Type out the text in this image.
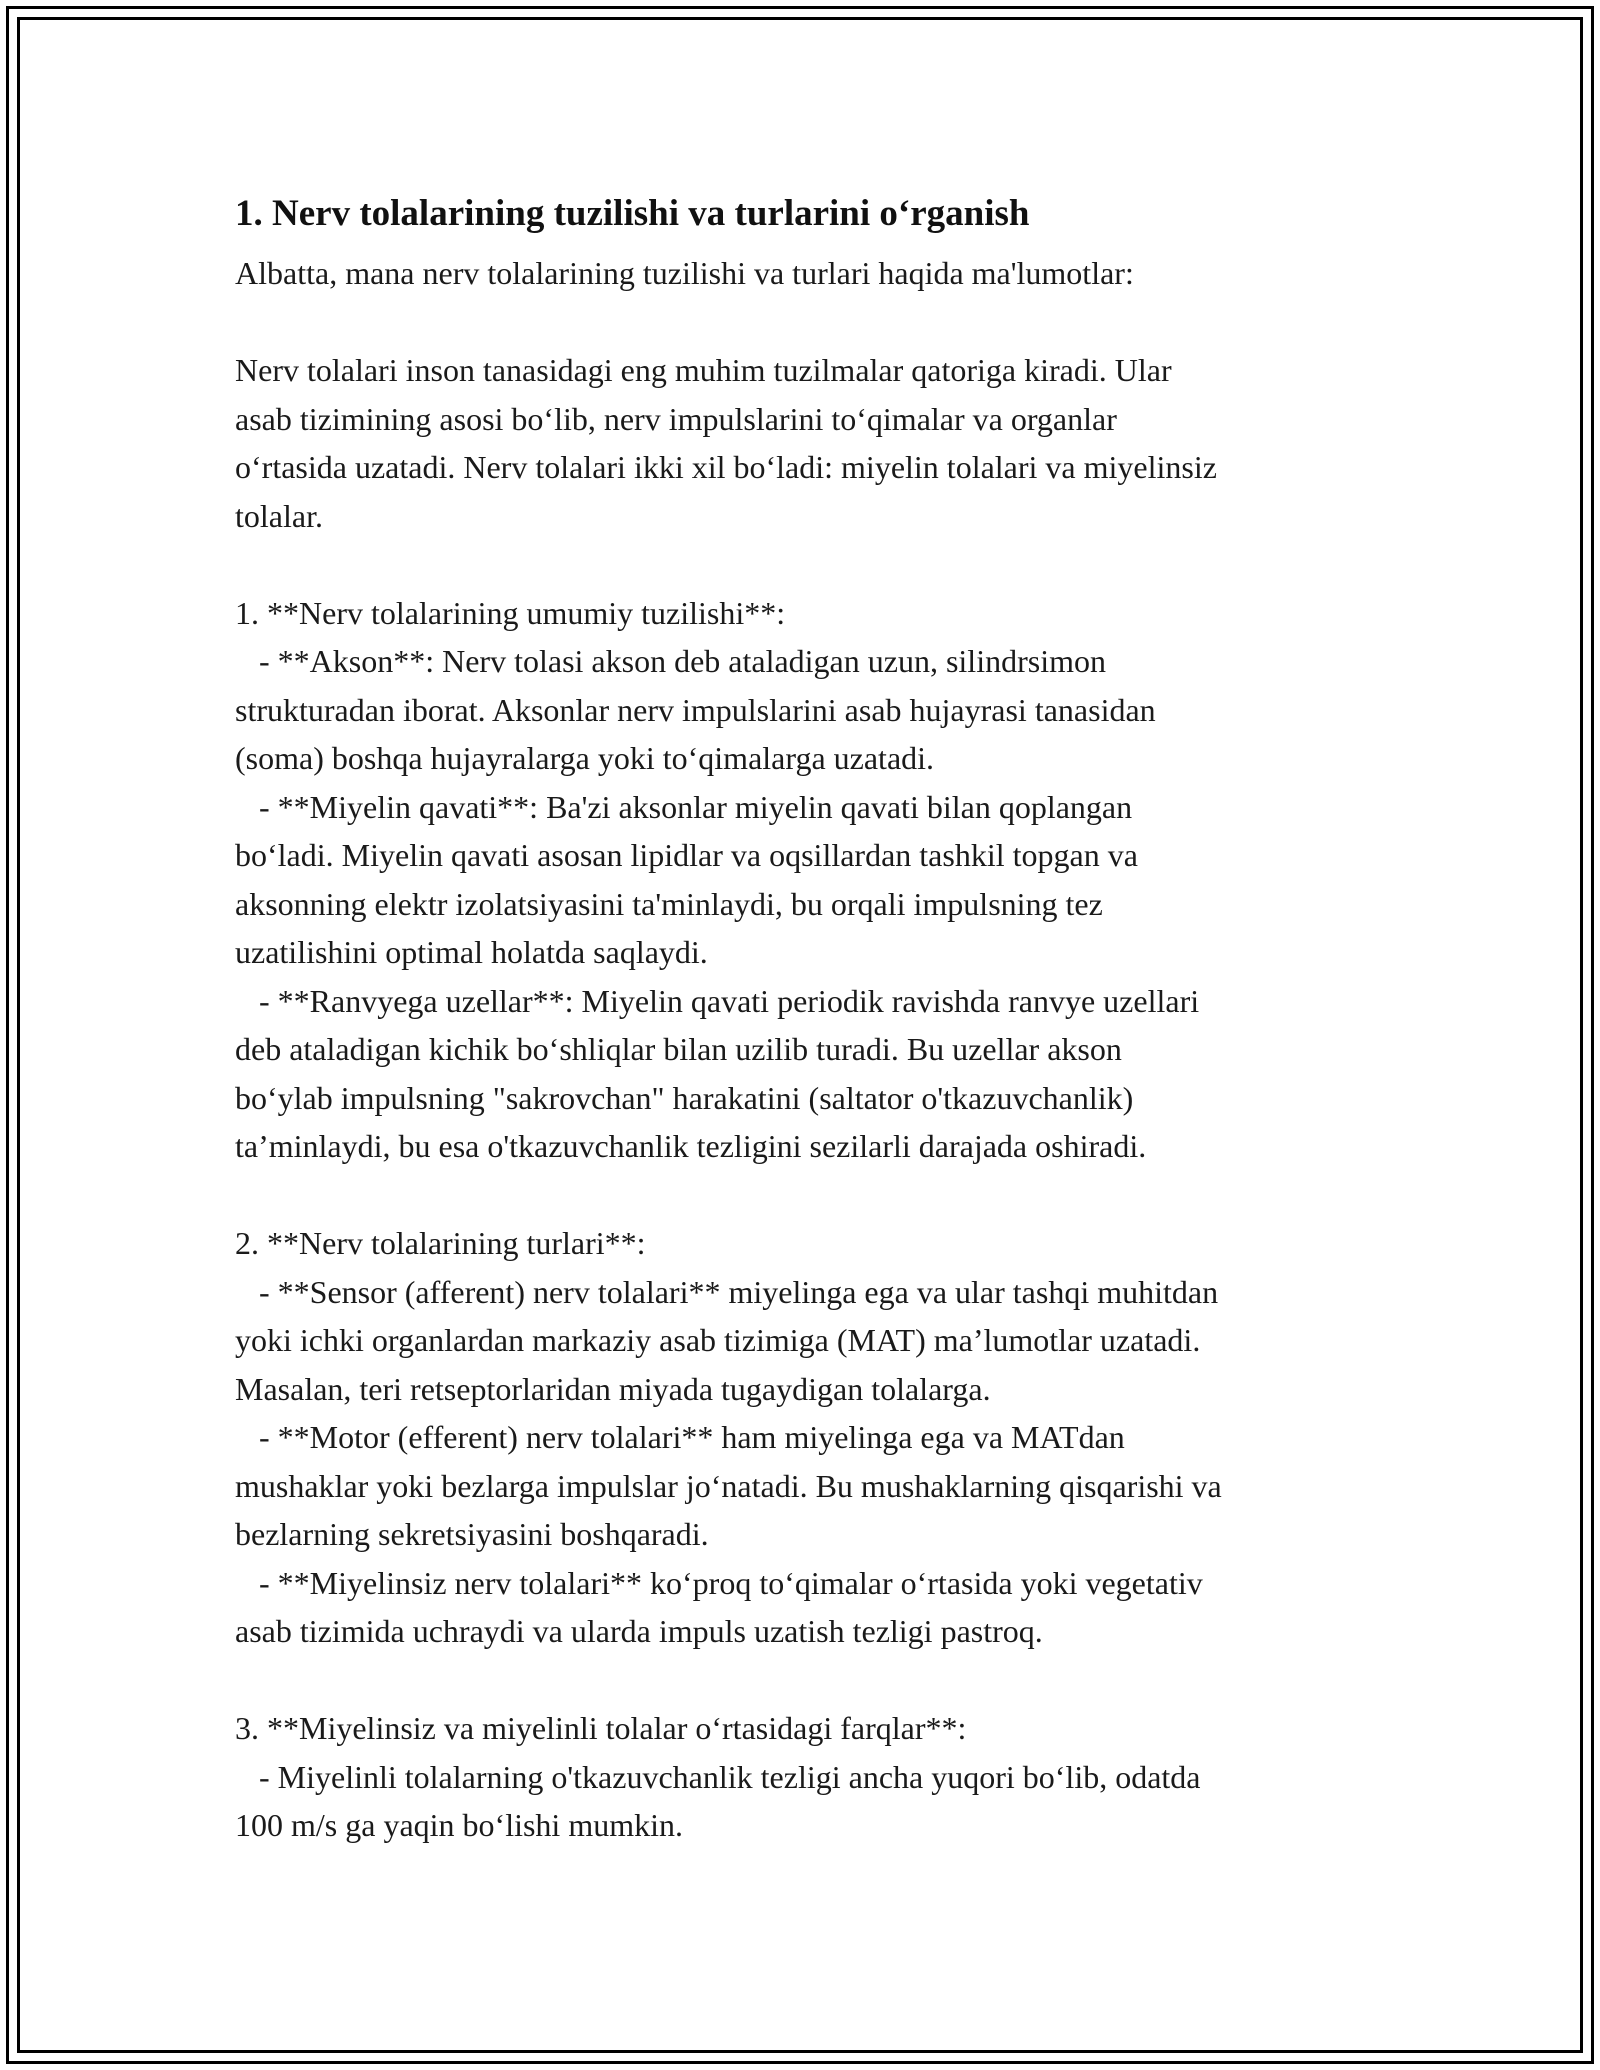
1. Nerv tolalarining tuzilishi va turlarini o‘rganish

Albatta, mana nerv tolalarining tuzilishi va turlari haqida ma'lumotlar:

Nerv tolalari inson tanasidagi eng muhim tuzilmalar qatoriga kiradi. Ular
asab tizimining asosi bo‘lib, nerv impulslarini to‘qimalar va organlar
o‘rtasida uzatadi. Nerv tolalari ikki xil bo‘ladi: miyelin tolalari va miyelinsiz
tolalar.

1. **Nerv tolalarining umumiy tuzilishi**:
- **Akson**: Nerv tolasi akson deb ataladigan uzun, silindrsimon
strukturadan iborat. Aksonlar nerv impulslarini asab hujayrasi tanasidan
(soma) boshqa hujayralarga yoki to‘qimalarga uzatadi.
- **Miyelin qavati**: Ba'zi aksonlar miyelin qavati bilan qoplangan
bo‘ladi. Miyelin qavati asosan lipidlar va oqsillardan tashkil topgan va
aksonning elektr izolatsiyasini ta'minlaydi, bu orqali impulsning tez
uzatilishini optimal holatda saqlaydi.
- **Ranvyega uzellar**: Miyelin qavati periodik ravishda ranvye uzellari
deb ataladigan kichik bo‘shliqlar bilan uzilib turadi. Bu uzellar akson
bo‘ylab impulsning "sakrovchan" harakatini (saltator o'tkazuvchanlik)
ta’minlaydi, bu esa o'tkazuvchanlik tezligini sezilarli darajada oshiradi.

2. **Nerv tolalarining turlari**:
- **Sensor (afferent) nerv tolalari** miyelinga ega va ular tashqi muhitdan
yoki ichki organlardan markaziy asab tizimiga (MAT) ma’lumotlar uzatadi.
Masalan, teri retseptorlaridan miyada tugaydigan tolalarga.
- **Motor (efferent) nerv tolalari** ham miyelinga ega va MATdan
mushaklar yoki bezlarga impulslar jo‘natadi. Bu mushaklarning qisqarishi va
bezlarning sekretsiyasini boshqaradi.
- **Miyelinsiz nerv tolalari** ko‘proq to‘qimalar o‘rtasida yoki vegetativ
asab tizimida uchraydi va ularda impuls uzatish tezligi pastroq.

3. **Miyelinsiz va miyelinli tolalar o‘rtasidagi farqlar**:
- Miyelinli tolalarning o'tkazuvchanlik tezligi ancha yuqori bo‘lib, odatda
100 m/s ga yaqin bo‘lishi mumkin.
